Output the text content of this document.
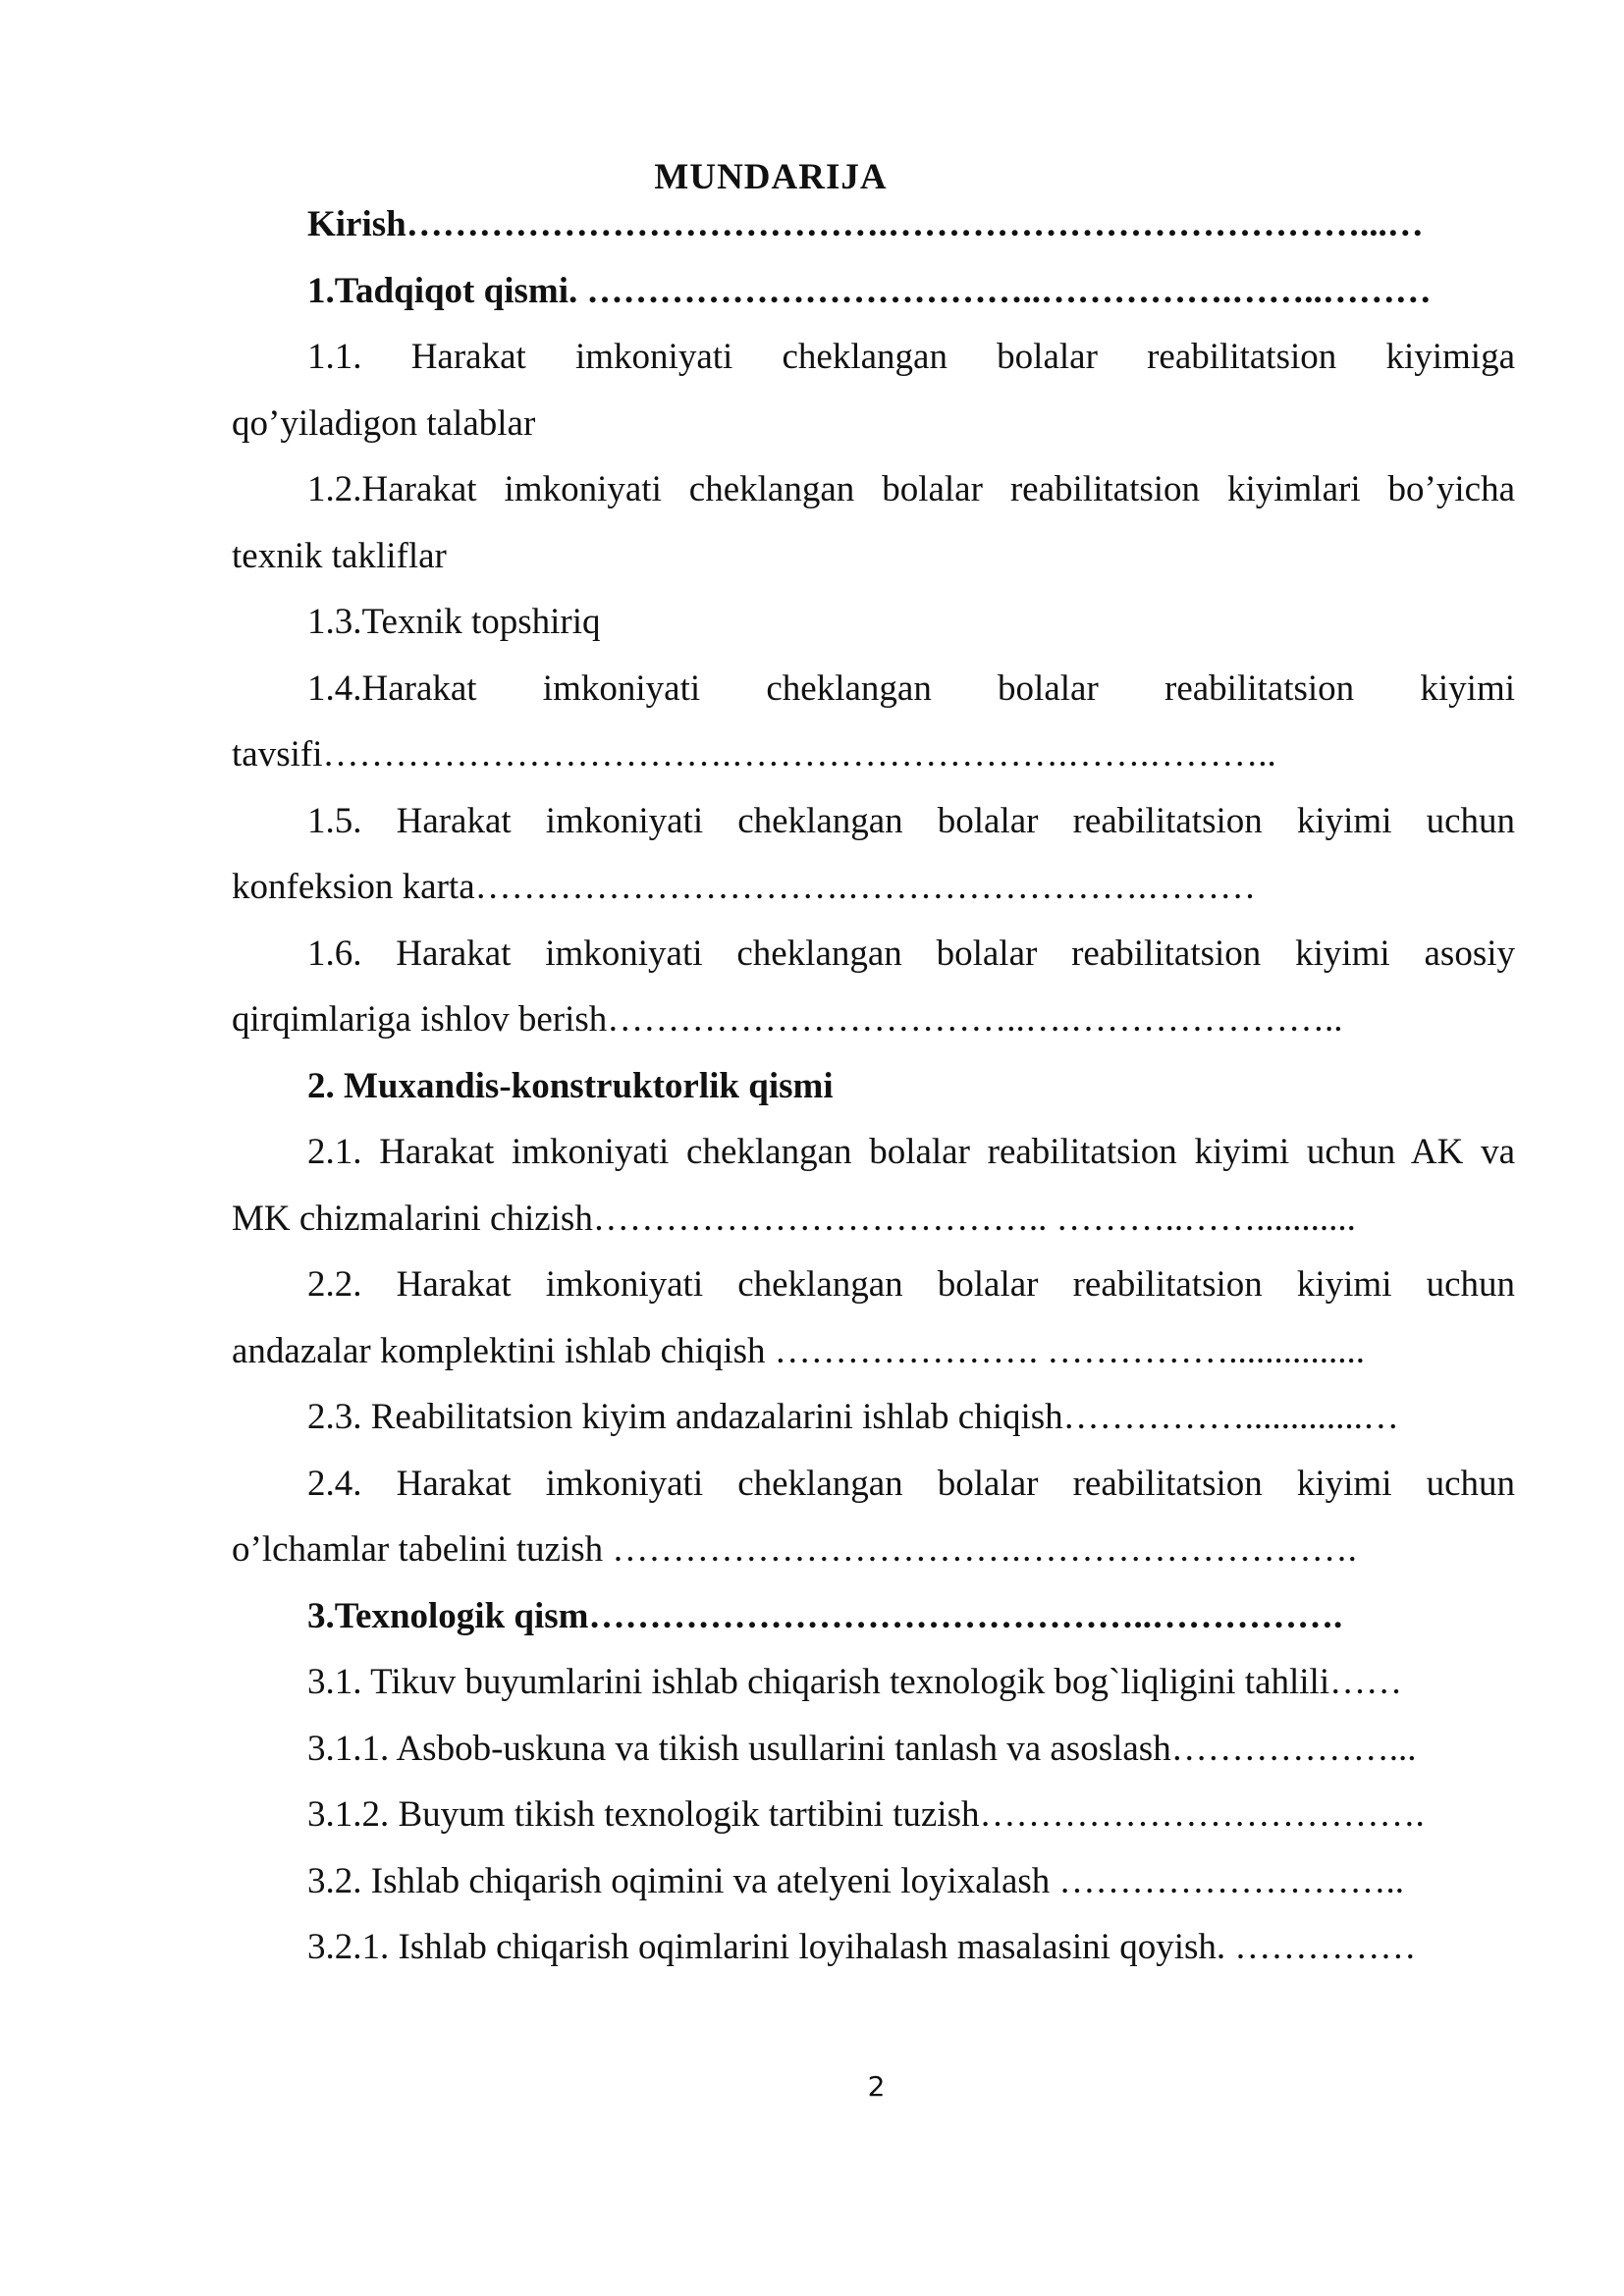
MUNDARIJA
Kirish………………………………….…………………………………...…
1.Tadqiqot qismi. ………………………………..…………….……..………
1.1. Harakat imkoniyati cheklangan bolalar reabilitatsion kiyimiga
qo’yiladigon talablar
1.2.Harakat imkoniyati cheklangan bolalar reabilitatsion kiyimlari bo’yicha
texnik takliflar
1.3.Texnik topshiriq
1.4.Harakat imkoniyati cheklangan bolalar reabilitatsion kiyimi
tavsifi…………………………….……………………….…….………..
1.5. Harakat imkoniyati cheklangan bolalar reabilitatsion kiyimi uchun
konfeksion karta………………………….…………………….………
1.6. Harakat imkoniyati cheklangan bolalar reabilitatsion kiyimi asosiy
qirqimlariga ishlov berish……………………………..….…………………..
2. Muxandis-konstruktorlik qismi
2.1. Harakat imkoniyati cheklangan bolalar reabilitatsion kiyimi uchun AK va
MK chizmalarini chizish……………………………….. ………..……...........
2.2. Harakat imkoniyati cheklangan bolalar reabilitatsion kiyimi uchun
andazalar komplektini ishlab chiqish …………………. ……………...............
2.3. Reabilitatsion kiyim andazalarini ishlab chiqish…………….............…
2.4. Harakat imkoniyati cheklangan bolalar reabilitatsion kiyimi uchun
o’lchamlar tabelini tuzish …………………………….……………………….
3.Texnologik qism………………………………………..…………….
3.1. Tikuv buyumlarini ishlab chiqarish texnologik bog`liqligini tahlili……
3.1.1. Asbob-uskuna va tikish usullarini tanlash va asoslash………………...
3.1.2. Buyum tikish texnologik tartibini tuzish……………………………….
3.2. Ishlab chiqarish oqimini va atelyeni loyixalash ………………………..
3.2.1. Ishlab chiqarish oqimlarini loyihalash masalasini qoyish. ……………
2
